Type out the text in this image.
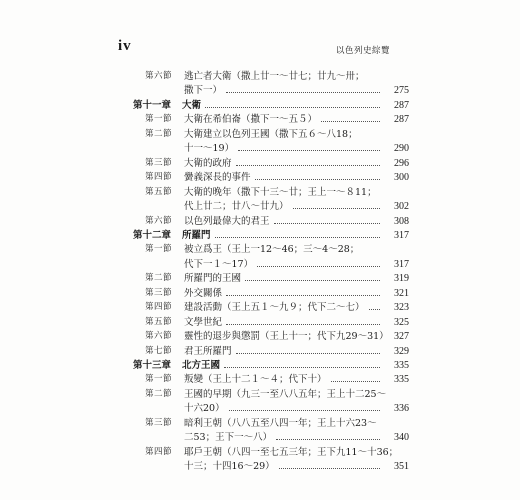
iv	以色列史綜覽
第六節 逃亡者大衛（撒上廿一～廿七；廿九～卅；
撒下一）	275
第十一章 大衛	287
第一節 大衛在希伯崙（撒下一～五５）	287
第二節 大衛建立以色列王國（撒下五６～八18；
十一～19）	290
第三節 大衛的政府	296
第四節 黌義深長的事件	300
第五節 大衛的晚年（撒下十三～廿；王上一～８11；
代上廿二；廿八～廿九）	302
第六節 以色列最偉大的君王	308
第十二章 所羅門	317
第一節 被立爲王（王上一12～46；三～4～28；
代下一１～17）	317
第二節 所羅門的王國	319
第三節 外交關係	321
第四節 建設活動（王上五１～九９；代下二～七）	323
第五節 文學世紀	325
第六節 靈性的退步與懲罰（王上十一；代下九29～31） 327
第七節 君王所羅門	329
第十三章 北方王國	335
第一節 叛變（王上十二１～４；代下十）	335
第二節 王國的早期（九三一至八八五年；王上十二25～
十六20）	336
第三節 暗利王朝（八八五至八四一年；王上十六23～
二53；王下一～八）	340
第四節 耶戶王朝（八四一至七五三年；王下九11～十36；
十三；十四16～29）	351
